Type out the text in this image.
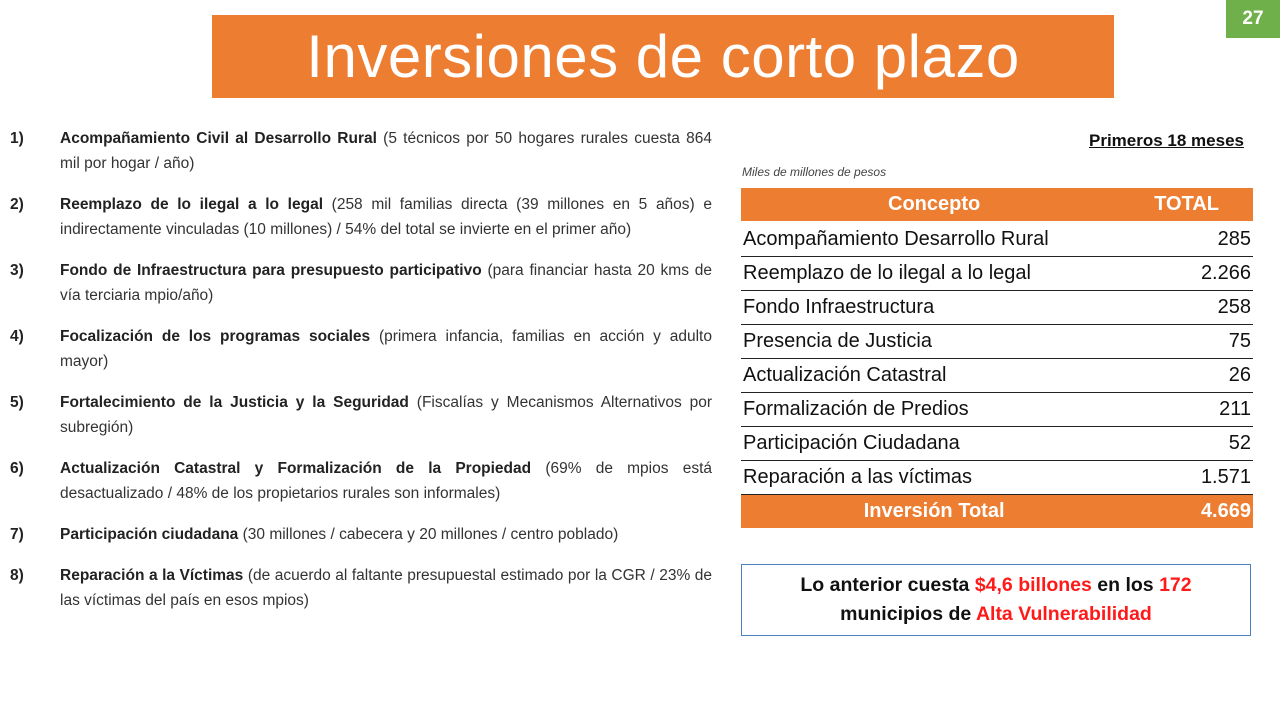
27
Inversiones de corto plazo
1) Acompañamiento Civil al Desarrollo Rural (5 técnicos por 50 hogares rurales cuesta 864 mil por hogar / año)
2) Reemplazo de lo ilegal a lo legal (258 mil familias directa (39 millones en 5 años) e indirectamente vinculadas (10 millones) / 54% del total se invierte en el primer año)
3) Fondo de Infraestructura para presupuesto participativo (para financiar hasta 20 kms de vía terciaria mpio/año)
4) Focalización de los programas sociales (primera infancia, familias en acción y adulto mayor)
5) Fortalecimiento de la Justicia y la Seguridad (Fiscalías y Mecanismos Alternativos por subregión)
6) Actualización Catastral y Formalización de la Propiedad (69% de mpios está desactualizado / 48% de los propietarios rurales son informales)
7) Participación ciudadana (30 millones / cabecera y 20 millones / centro poblado)
8) Reparación a la Víctimas (de acuerdo al faltante presupuestal estimado por la CGR / 23% de las víctimas del país en esos mpios)
Primeros 18 meses
Miles de millones de pesos
Concepto	TOTAL
Acompañamiento Desarrollo Rural	285
Reemplazo de lo ilegal a lo legal	2.266
Fondo Infraestructura	258
Presencia de Justicia	75
Actualización Catastral	26
Formalización de Predios	211
Participación Ciudadana	52
Reparación a las víctimas	1.571
Inversión Total	4.669
Lo anterior cuesta $4,6 billones en los 172
municipios de Alta Vulnerabilidad
